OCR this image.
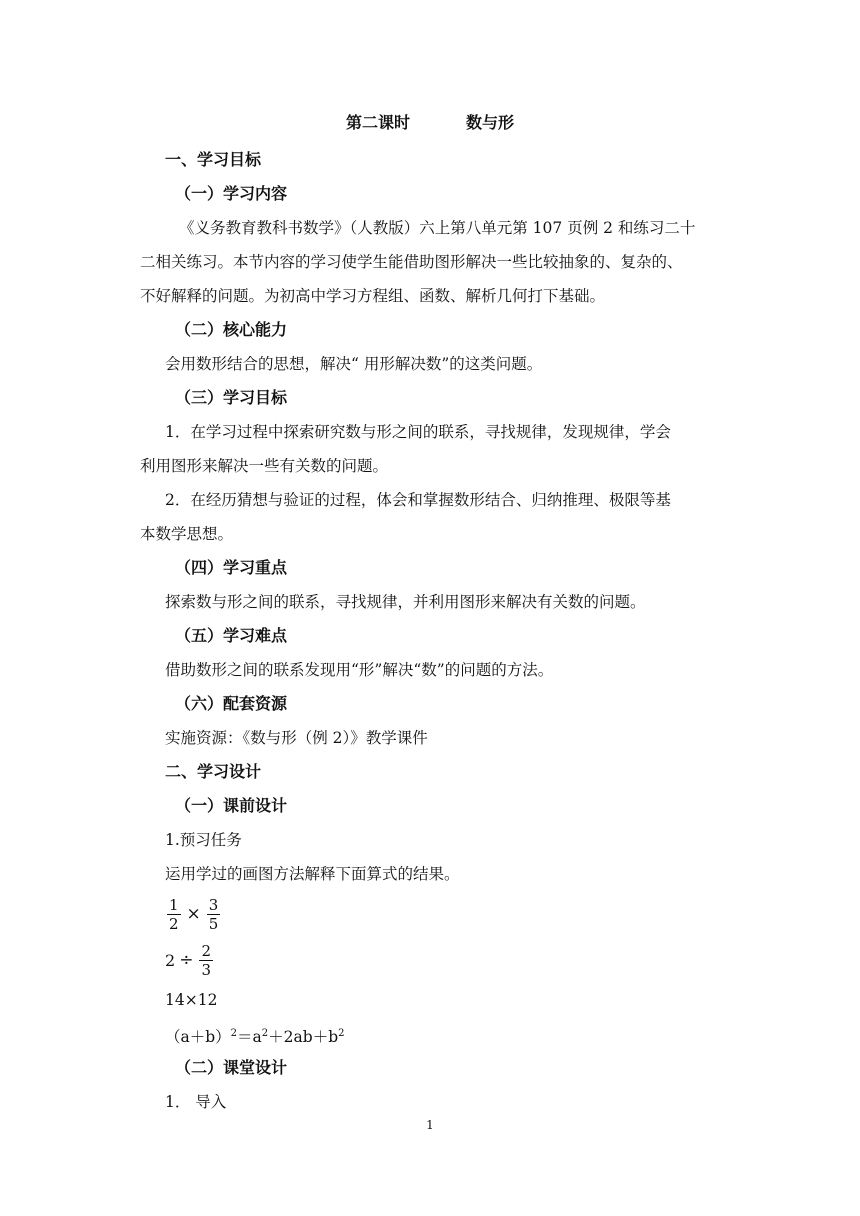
第二课时	数与形
一、学习目标
（一）学习内容
《义务教育教科书数学》（人教版）六上第八单元第 107 页例 2 和练习二十
二相关练习。本节内容的学习使学生能借助图形解决一些比较抽象的、复杂的、
不好解释的问题。为初高中学习方程组、函数、解析几何打下基础。
（二）核心能力
会用数形结合的思想，解决“ 用形解决数”的这类问题。
（三）学习目标
1．在学习过程中探索研究数与形之间的联系，寻找规律，发现规律，学会
利用图形来解决一些有关数的问题。
2．在经历猜想与验证的过程，体会和掌握数形结合、归纳推理、极限等基
本数学思想。
（四）学习重点
探索数与形之间的联系，寻找规律，并利用图形来解决有关数的问题。
（五）学习难点
借助数形之间的联系发现用“形”解决“数”的问题的方法。
（六）配套资源
实施资源：《数与形（例 2）》教学课件
二、学习设计
（一）课前设计
1.预习任务
运用学过的画图方法解释下面算式的结果。
$\frac{1}{2} \times \frac{3}{5}$
$2 \div \frac{2}{3}$
14×12
$(a+b)^2=a^2+2ab+b^2$
（二）课堂设计
1． 导入
1
